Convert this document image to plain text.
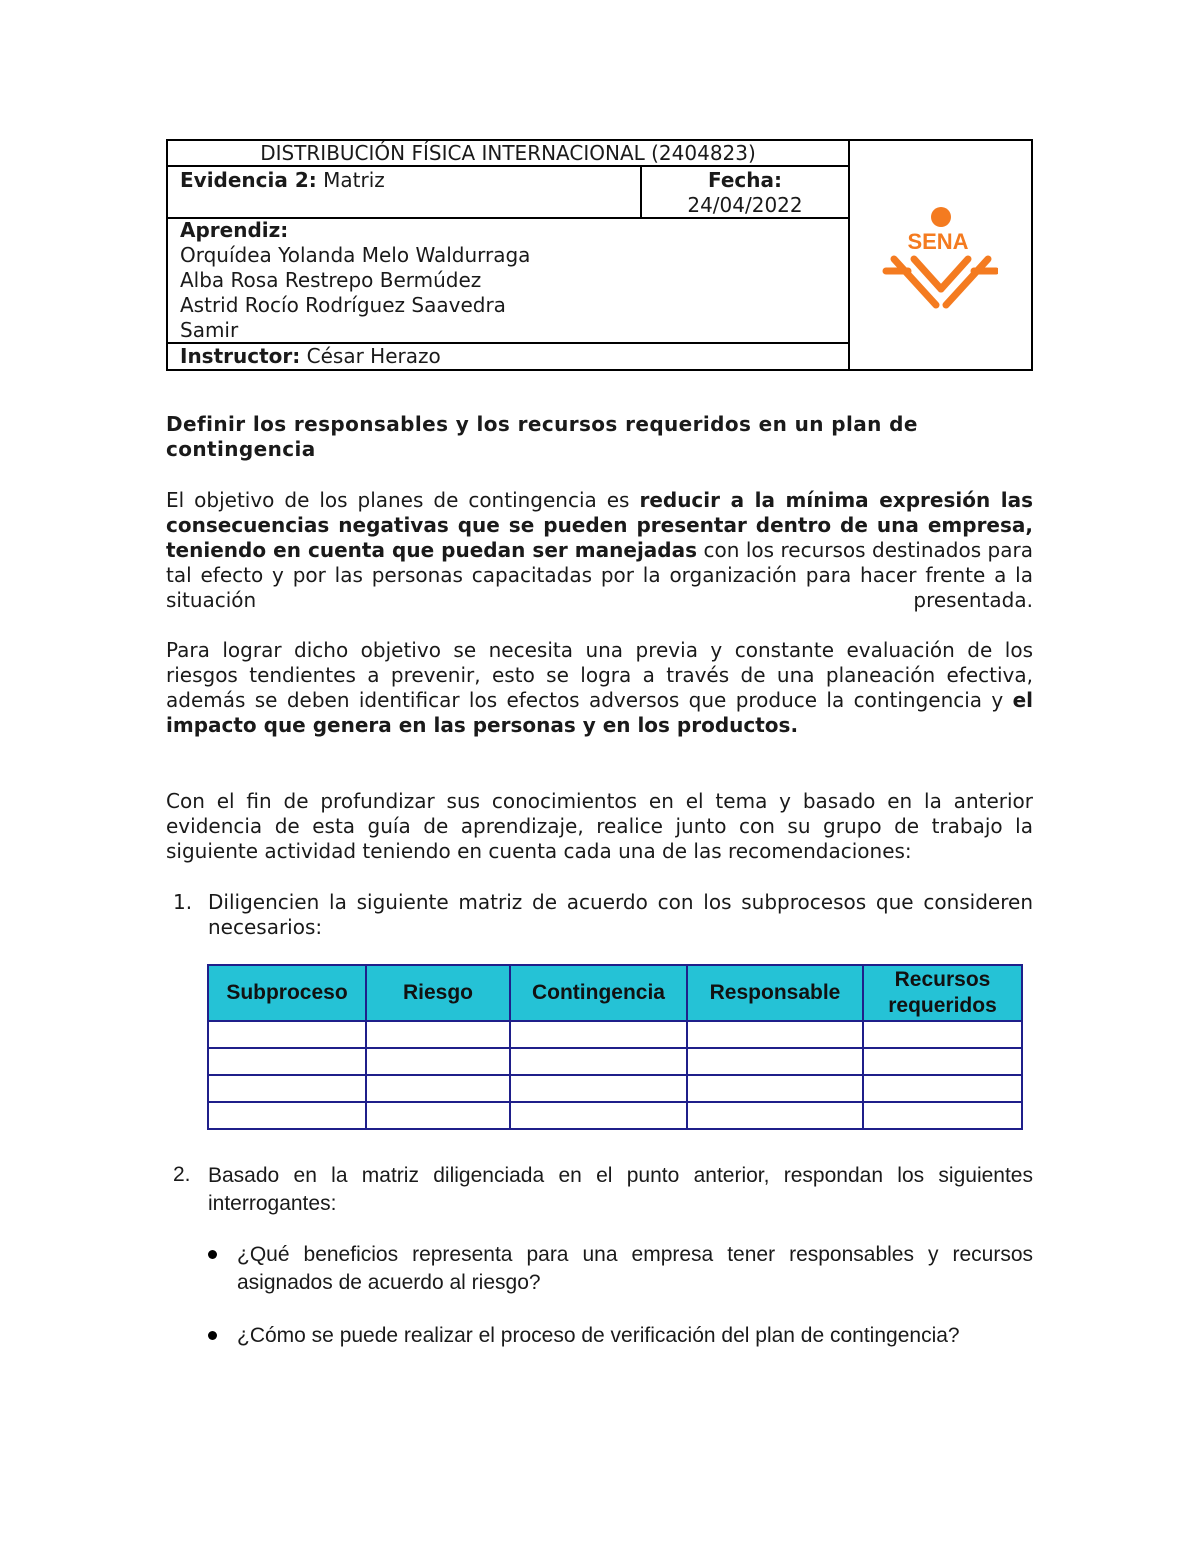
DISTRIBUCIÓN FÍSICA INTERNACIONAL (2404823)
Evidencia 2: Matriz	Fecha:
24/04/2022
Aprendiz:
Orquídea Yolanda Melo Waldurraga
Alba Rosa Restrepo Bermúdez
Astrid Rocío Rodríguez Saavedra
Samir
Instructor: César Herazo
SENA
Definir los responsables y los recursos requeridos en un plan de contingencia
El objetivo de los planes de contingencia es reducir a la mínima expresión las consecuencias negativas que se pueden presentar dentro de una empresa, teniendo en cuenta que puedan ser manejadas con los recursos destinados para tal efecto y por las personas capacitadas por la organización para hacer frente a la situación presentada.
Para lograr dicho objetivo se necesita una previa y constante evaluación de los riesgos tendientes a prevenir, esto se logra a través de una planeación efectiva, además se deben identificar los efectos adversos que produce la contingencia y el impacto que genera en las personas y en los productos.
Con el fin de profundizar sus conocimientos en el tema y basado en la anterior evidencia de esta guía de aprendizaje, realice junto con su grupo de trabajo la siguiente actividad teniendo en cuenta cada una de las recomendaciones:
1. Diligencien la siguiente matriz de acuerdo con los subprocesos que consideren necesarios:
Subproceso	Riesgo	Contingencia	Responsable	Recursos requeridos

2. Basado en la matriz diligenciada en el punto anterior, respondan los siguientes interrogantes:
¿Qué beneficios representa para una empresa tener responsables y recursos asignados de acuerdo al riesgo?
¿Cómo se puede realizar el proceso de verificación del plan de contingencia?
